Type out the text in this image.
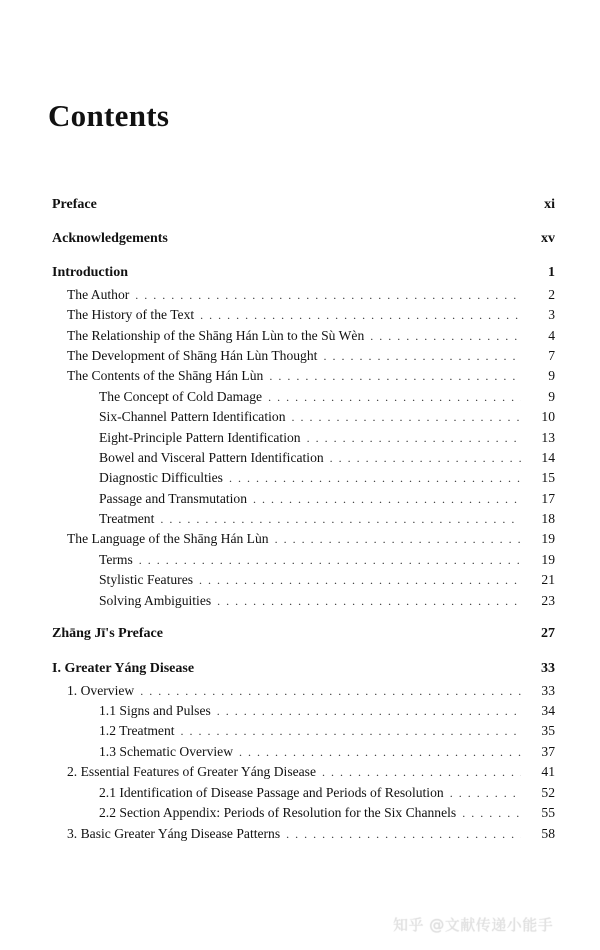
Contents
Preface	xi
Acknowledgements	xv
Introduction	1
The Author . . .	2
The History of the Text . . .	3
The Relationship of the Shāng Hán Lùn to the Sù Wèn . . .	4
The Development of Shāng Hán Lùn Thought . . .	7
The Contents of the Shāng Hán Lùn . . .	9
The Concept of Cold Damage . . .	9
Six-Channel Pattern Identification . . .	10
Eight-Principle Pattern Identification . . .	13
Bowel and Visceral Pattern Identification . . .	14
Diagnostic Difficulties . . .	15
Passage and Transmutation . . .	17
Treatment . . .	18
The Language of the Shāng Hán Lùn . . .	19
Terms . . .	19
Stylistic Features . . .	21
Solving Ambiguities . . .	23
Zhāng Jī's Preface	27
I. Greater Yáng Disease	33
1. Overview . . .	33
1.1 Signs and Pulses . . .	34
1.2 Treatment . . .	35
1.3 Schematic Overview . . .	37
2. Essential Features of Greater Yáng Disease . . .	41
2.1 Identification of Disease Passage and Periods of Resolution . . .	52
2.2 Section Appendix: Periods of Resolution for the Six Channels . . .	55
3. Basic Greater Yáng Disease Patterns . . .	58
知乎 @文献传递小能手
